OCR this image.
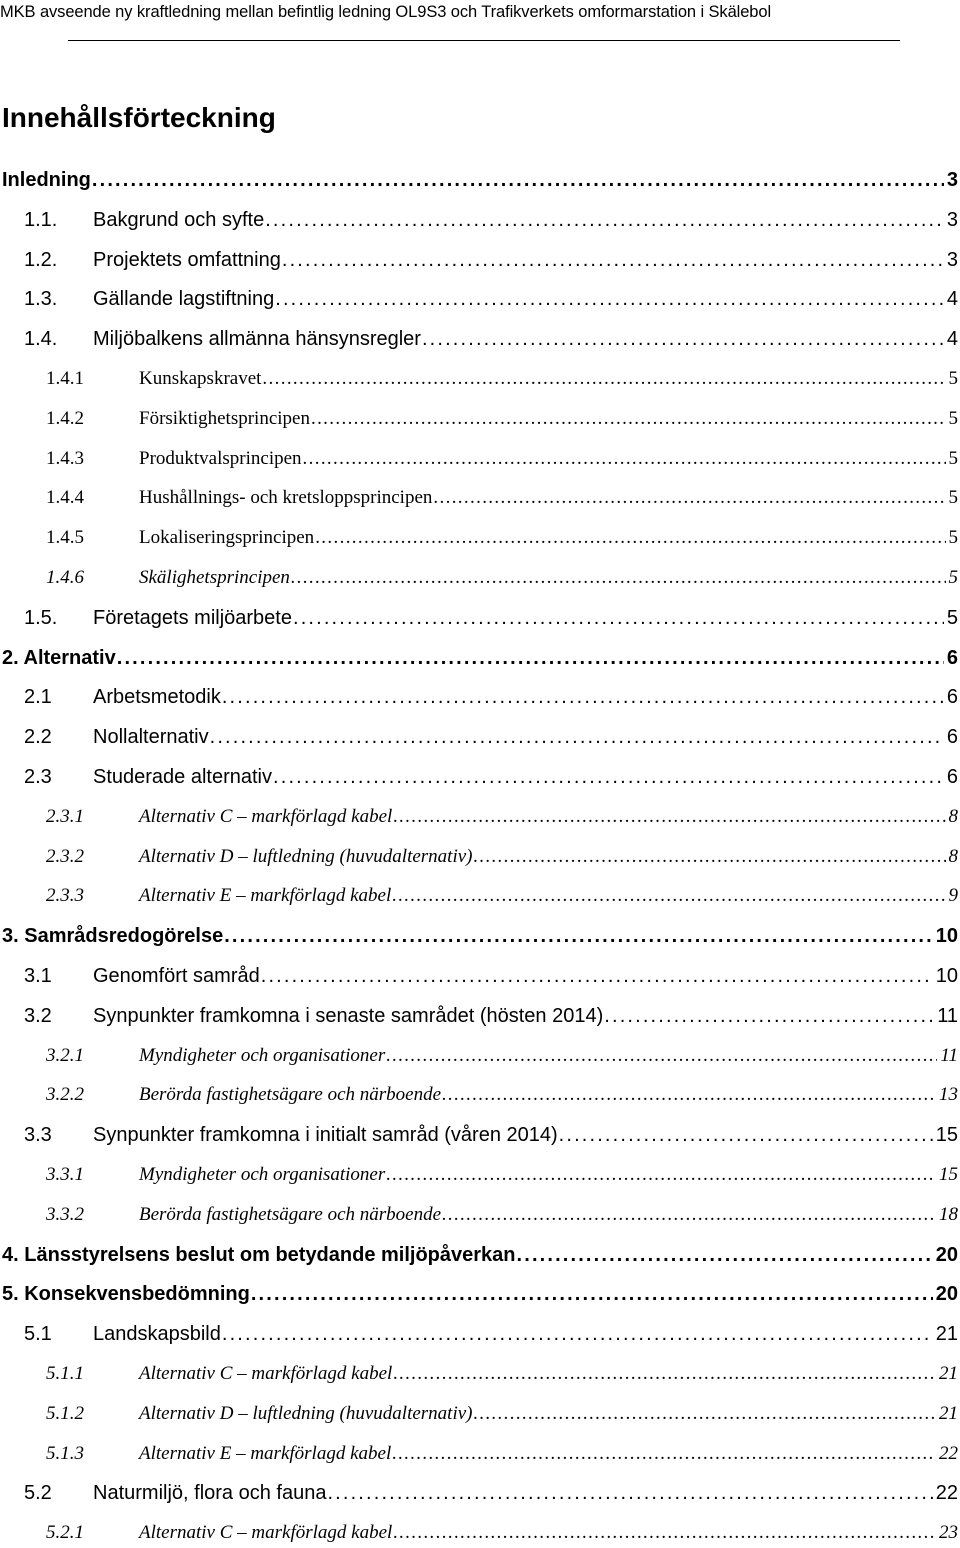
MKB avseende ny kraftledning mellan befintlig ledning OL9S3 och Trafikverkets omformarstation i Skälebol
Innehållsförteckning
Inledning . . .	3
1.1. Bakgrund och syfte . . .	3
1.2. Projektets omfattning . . .	3
1.3. Gällande lagstiftning . . .	4
1.4. Miljöbalkens allmänna hänsynsregler . . .	4
1.4.1	Kunskapskravet . . .	5
1.4.2	Försiktighetsprincipen . . .	5
1.4.3	Produktvalsprincipen . . .	5
1.4.4	Hushållnings- och kretsloppsprincipen . . .	5
1.4.5	Lokaliseringsprincipen . . .	5
1.4.6	Skälighetsprincipen . . .	5
1.5. Företagets miljöarbete . . .	5
2. Alternativ . . .	6
2.1 Arbetsmetodik . . .	6
2.2 Nollalternativ . . .	6
2.3 Studerade alternativ . . .	6
2.3.1	Alternativ C – markförlagd kabel . . .	8
2.3.2	Alternativ D – luftledning (huvudalternativ) . . .	8
2.3.3	Alternativ E – markförlagd kabel . . .	9
3. Samrådsredogörelse . . .	10
3.1 Genomfört samråd . . .	10
3.2 Synpunkter framkomna i senaste samrådet (hösten 2014) . . .	11
3.2.1	Myndigheter och organisationer . . .	11
3.2.2	Berörda fastighetsägare och närboende . . .	13
3.3 Synpunkter framkomna i initialt samråd (våren 2014) . . .	15
3.3.1	Myndigheter och organisationer . . .	15
3.3.2	Berörda fastighetsägare och närboende . . .	18
4. Länsstyrelsens beslut om betydande miljöpåverkan . . .	20
5. Konsekvensbedömning . . .	20
5.1 Landskapsbild . . .	21
5.1.1	Alternativ C – markförlagd kabel . . .	21
5.1.2	Alternativ D – luftledning (huvudalternativ) . . .	21
5.1.3	Alternativ E – markförlagd kabel . . .	22
5.2 Naturmiljö, flora och fauna . . .	22
5.2.1	Alternativ C – markförlagd kabel . . .	23
